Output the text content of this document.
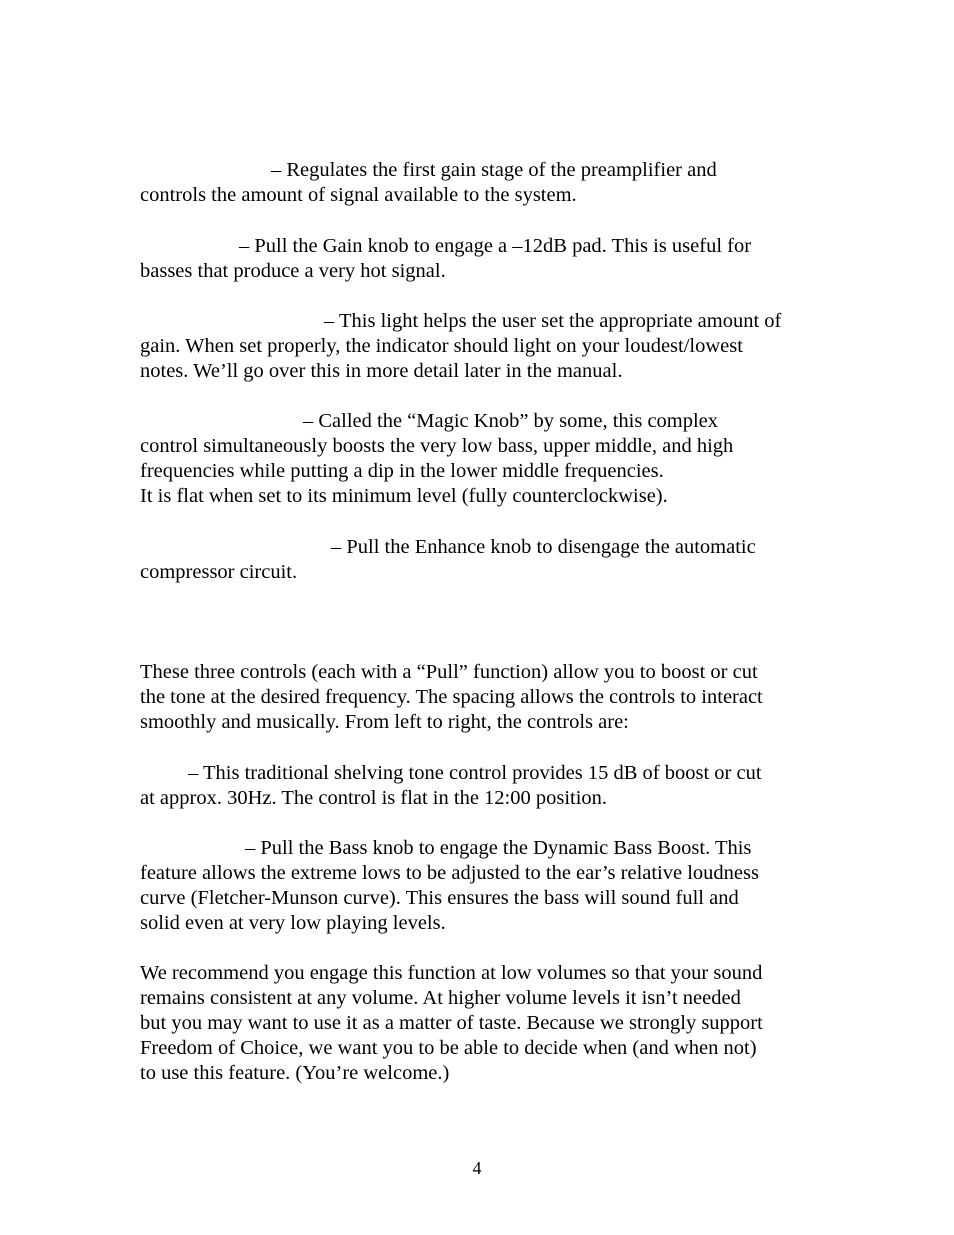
– Regulates the first gain stage of the preamplifier and
controls the amount of signal available to the system.

– Pull the Gain knob to engage a –12dB pad. This is useful for
basses that produce a very hot signal.

– This light helps the user set the appropriate amount of
gain. When set properly, the indicator should light on your loudest/lowest
notes. We’ll go over this in more detail later in the manual.

– Called the “Magic Knob” by some, this complex
control simultaneously boosts the very low bass, upper middle, and high
frequencies while putting a dip in the lower middle frequencies.
It is flat when set to its minimum level (fully counterclockwise).

– Pull the Enhance knob to disengage the automatic
compressor circuit.

These three controls (each with a “Pull” function) allow you to boost or cut
the tone at the desired frequency. The spacing allows the controls to interact
smoothly and musically. From left to right, the controls are:

– This traditional shelving tone control provides 15 dB of boost or cut
at approx. 30Hz. The control is flat in the 12:00 position.

– Pull the Bass knob to engage the Dynamic Bass Boost. This
feature allows the extreme lows to be adjusted to the ear’s relative loudness
curve (Fletcher-Munson curve). This ensures the bass will sound full and
solid even at very low playing levels.

We recommend you engage this function at low volumes so that your sound
remains consistent at any volume. At higher volume levels it isn’t needed
but you may want to use it as a matter of taste. Because we strongly support
Freedom of Choice, we want you to be able to decide when (and when not)
to use this feature. (You’re welcome.)

4
